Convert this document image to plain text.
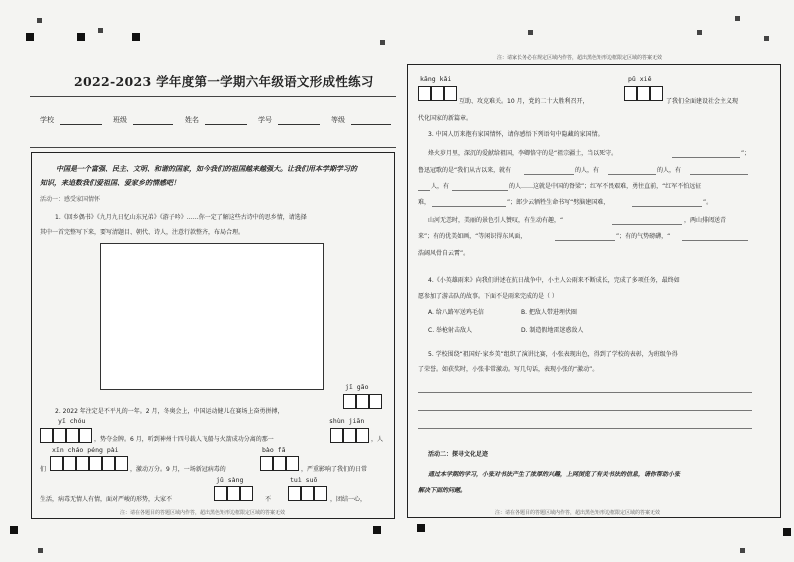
注：请家长务必在规定区域内作答，超出黑色矩形边框限定区域的答案无效
2022-2023 学年度第一学期六年级语文形成性练习
学校	班级	姓名	学号	等级
中国是一个富强、民主、文明、和谐的国家，如今我们的祖国越来越强大。让我们用本学期学习的
知识，来追数我们爱祖国、爱家乡的情感吧！
活动一：感受家国情怀
1.《回乡偶书》《九月九日忆山东兄弟》《游子吟》……你一定了解这些古诗中的思乡情，请选择
其中一首完整写下来，要写清题目、朝代、诗人，注意行款整齐，布局合理。
jī gāo
2. 2022 年注定是不平凡的一年。2 月，冬奥会上，中国运动健儿在赛场上奋勇拼搏，
yī chóu
，势夺金牌。6 月，听到神州十四号载人飞船与火箭成功分离的那一
shùn jiān
，人
xīn cháo péng pài
们	，激动万分。9 月，一场新冠病毒的
bào fā
，严重影响了我们的日常
jǔ sàng	tuì suō
生活，病毒无情人有情，面对严峻的形势，大家不	不	，团结一心，
注：请在各题目的答题区域内作答，超出黑色矩形边框限定区域的答案无效
kāng kǎi
互助、攻克难关。10 月，党的二十大胜利召开，
pǔ xiě
了我们全面建设社会主义现
代化国家的新篇章。
3. 中国人历来抱有家国情怀，请你感悟下列语句中隐藏的家国情。
烽火岁月里，深沉的爱献给祖国，李卿恪守的是“祖宗疆土，当以死守。	”；
鲁迅冠歌的是“我们从古以来，就有	的人，有	的人，有
人，有	的人……这就是中国的脊梁”；红军不畏艰难，勇往直前，“红军不怕远征
难，	”；郎少云牺牲生命书写“劈脑建国难，	”。
山河无恙时，美丽的景色引人赞叹，有生动有趣，“	，两山排闼送青
来”；有的优美如画，“等闲识得东风面，	”；有的气势磅礴，“
浩阔风骨自云霄”。
4.《小英雄雨来》向我们讲述在抗日战争中，小主人公雨来不断成长，完成了多项任务，最终如
愿参加了游击队的故事。下面不是雨来完成的是（ ）
A. 给八路军送鸡毛信	B. 把敌人带进埋伏圈
C. 举枪射击敌人	D. 制造假地雷迷惑敌人
5. 学校围绕“祖国好·家乡美”组织了演讲比赛，小张表现出色，得到了学校的表彰，为班级争得
了荣誉。如获奖时，小张非常激动。写几句话，表现小张的“激动”。
活动二：探寻文化足迹
通过本学期的学习，小张对书法产生了浓厚的兴趣，上网浏览了有关书法的信息，请你帮助小张
解决下面的问题。
注：请在各题目的答题区域内作答，超出黑色矩形边框限定区域的答案无效
